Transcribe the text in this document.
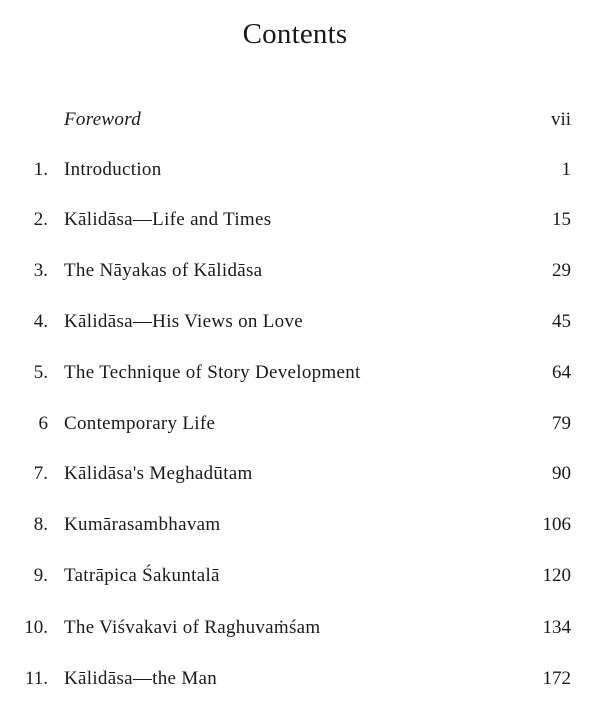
Contents
Foreword	vii
1. Introduction	1
2. Kālidāsa—Life and Times	15
3. The Nāyakas of Kālidāsa	29
4. Kālidāsa—His Views on Love	45
5. The Technique of Story Development	64
6 Contemporary Life	79
7. Kālidāsa's Meghadūtam	90
8. Kumārasambhavam	106
9. Tatrāpica Śakuntalā	120
10. The Viśvakavi of Raghuvaṁśam	134
11. Kālidāsa—the Man	172
